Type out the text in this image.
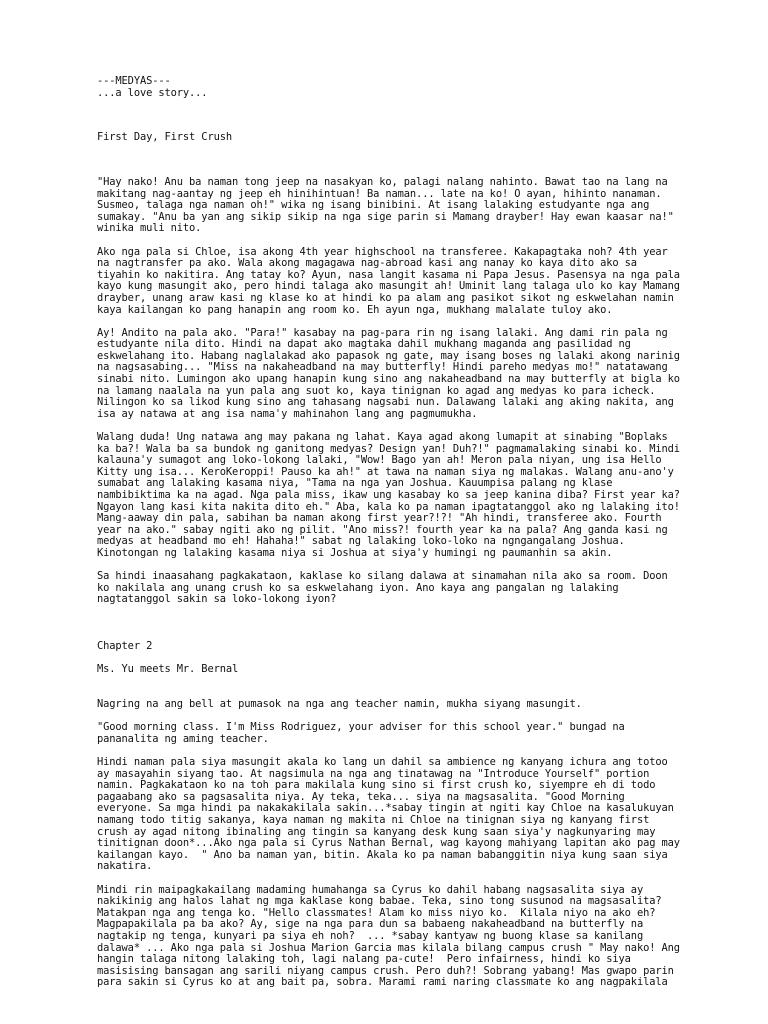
---MEDYAS---
...a love story...
First Day, First Crush
"Hay nako! Anu ba naman tong jeep na nasakyan ko, palagi nalang nahinto. Bawat tao na lang na
makitang nag-aantay ng jeep eh hinihintuan! Ba naman... late na ko! O ayan, hihinto nanaman.
Susmeo, talaga nga naman oh!" wika ng isang binibini. At isang lalaking estudyante nga ang
sumakay. "Anu ba yan ang sikip sikip na nga sige parin si Mamang drayber! Hay ewan kaasar na!"
winika muli nito.
Ako nga pala si Chloe, isa akong 4th year highschool na transferee. Kakapagtaka noh? 4th year
na nagtransfer pa ako. Wala akong magagawa nag-abroad kasi ang nanay ko kaya dito ako sa
tiyahin ko nakitira. Ang tatay ko? Ayun, nasa langit kasama ni Papa Jesus. Pasensya na nga pala
kayo kung masungit ako, pero hindi talaga ako masungit ah! Uminit lang talaga ulo ko kay Mamang
drayber, unang araw kasi ng klase ko at hindi ko pa alam ang pasikot sikot ng eskwelahan namin
kaya kailangan ko pang hanapin ang room ko. Eh ayun nga, mukhang malalate tuloy ako.
Ay! Andito na pala ako. "Para!" kasabay na pag-para rin ng isang lalaki. Ang dami rin pala ng
estudyante nila dito. Hindi na dapat ako magtaka dahil mukhang maganda ang pasilidad ng
eskwelahang ito. Habang naglalakad ako papasok ng gate, may isang boses ng lalaki akong narinig
na nagsasabing... "Miss na nakaheadband na may butterfly! Hindi pareho medyas mo!" natatawang
sinabi nito. Lumingon ako upang hanapin kung sino ang nakaheadband na may butterfly at bigla ko
na lamang naalala na yun pala ang suot ko, kaya tinignan ko agad ang medyas ko para icheck.
Nilingon ko sa likod kung sino ang tahasang nagsabi nun. Dalawang lalaki ang aking nakita, ang
isa ay natawa at ang isa nama'y mahinahon lang ang pagmumukha.
Walang duda! Ung natawa ang may pakana ng lahat. Kaya agad akong lumapit at sinabing "Boplaks
ka ba?! Wala ba sa bundok ng ganitong medyas? Design yan! Duh?!" pagmamalaking sinabi ko. Mindi
kalauna'y sumagot ang loko-lokong lalaki, "Wow! Bago yan ah! Meron pala niyan, ung isa Hello
Kitty ung isa... KeroKeroppi! Pauso ka ah!" at tawa na naman siya ng malakas. Walang anu-ano'y
sumabat ang lalaking kasama niya, "Tama na nga yan Joshua. Kauumpisa palang ng klase
nambibiktima ka na agad. Nga pala miss, ikaw ung kasabay ko sa jeep kanina diba? First year ka?
Ngayon lang kasi kita nakita dito eh." Aba, kala ko pa naman ipagtatanggol ako ng lalaking ito!
Mang-aaway din pala, sabihan ba naman akong first year?!?! "Ah hindi, transferee ako. Fourth
year na ako." sabay ngiti ako ng pilit. "Ano miss?! fourth year ka na pala? Ang ganda kasi ng
medyas at headband mo eh! Hahaha!" sabat ng lalaking loko-loko na ngngangalang Joshua.
Kinotongan ng lalaking kasama niya si Joshua at siya'y humingi ng paumanhin sa akin.
Sa hindi inaasahang pagkakataon, kaklase ko silang dalawa at sinamahan nila ako sa room. Doon
ko nakilala ang unang crush ko sa eskwelahang iyon. Ano kaya ang pangalan ng lalaking
nagtatanggol sakin sa loko-lokong iyon?
Chapter 2
Ms. Yu meets Mr. Bernal
Nagring na ang bell at pumasok na nga ang teacher namin, mukha siyang masungit.
"Good morning class. I'm Miss Rodriguez, your adviser for this school year." bungad na
pananalita ng aming teacher.
Hindi naman pala siya masungit akala ko lang un dahil sa ambience ng kanyang ichura ang totoo
ay masayahin siyang tao. At nagsimula na nga ang tinatawag na "Introduce Yourself" portion
namin. Pagkakataon ko na toh para makilala kung sino si first crush ko, siyempre eh di todo
pagaabang ako sa pagsasalita niya. Ay teka, teka... siya na magsasalita. "Good Morning
everyone. Sa mga hindi pa nakakakilala sakin...*sabay tingin at ngiti kay Chloe na kasalukuyan
namang todo titig sakanya, kaya naman ng makita ni Chloe na tinignan siya ng kanyang first
crush ay agad nitong ibinaling ang tingin sa kanyang desk kung saan siya'y nagkunyaring may
tinitignan doon*...Ako nga pala si Cyrus Nathan Bernal, wag kayong mahiyang lapitan ako pag may
kailangan kayo.  " Ano ba naman yan, bitin. Akala ko pa naman babanggitin niya kung saan siya
nakatira.
Mindi rin maipagkakailang madaming humahanga sa Cyrus ko dahil habang nagsasalita siya ay
nakikinig ang halos lahat ng mga kaklase kong babae. Teka, sino tong susunod na magsasalita?
Matakpan nga ang tenga ko. "Hello classmates! Alam ko miss niyo ko.  Kilala niyo na ako eh?
Magpapakilala pa ba ako? Ay, sige na nga para dun sa babaeng nakaheadband na butterfly na
nagtakip ng tenga, kunyari pa siya eh noh?  ... *sabay kantyaw ng buong klase sa kanilang
dalawa* ... Ako nga pala si Joshua Marion Garcia mas kilala bilang campus crush " May nako! Ang
hangin talaga nitong lalaking toh, lagi nalang pa-cute!  Pero infairness, hindi ko siya
masisising bansagan ang sarili niyang campus crush. Pero duh?! Sobrang yabang! Mas gwapo parin
para sakin si Cyrus ko at ang bait pa, sobra. Marami rami naring classmate ko ang nagpakilala
